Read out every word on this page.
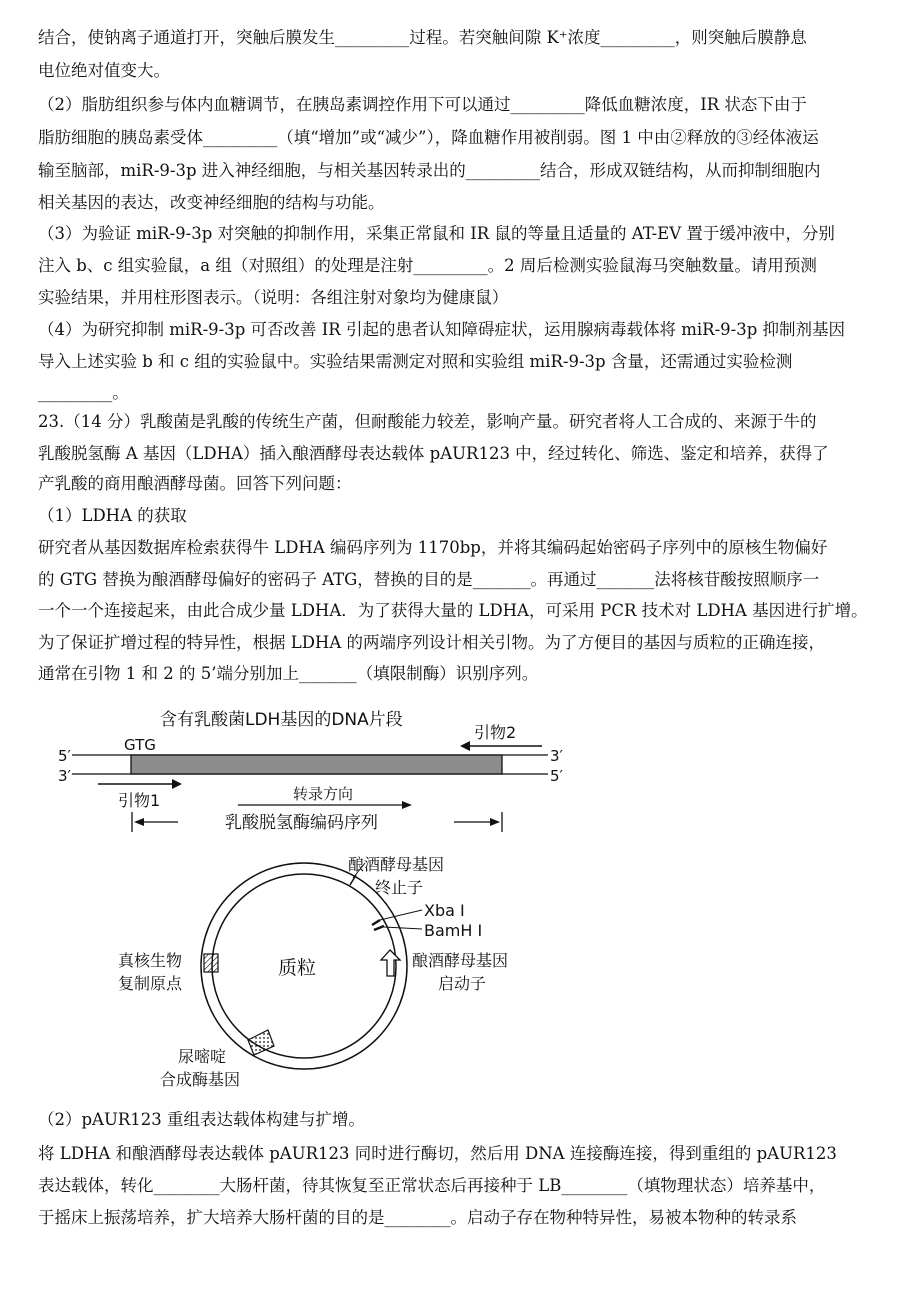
结合，使钠离子通道打开，突触后膜发生_________过程。若突触间隙 K⁺浓度_________，则突触后膜静息
电位绝对值变大。
（2）脂肪组织参与体内血糖调节，在胰岛素调控作用下可以通过_________降低血糖浓度，IR 状态下由于
脂肪细胞的胰岛素受体_________（填“增加”或“减少”），降血糖作用被削弱。图 1 中由②释放的③经体液运
输至脑部，miR-9-3p 进入神经细胞，与相关基因转录出的_________结合，形成双链结构，从而抑制细胞内
相关基因的表达，改变神经细胞的结构与功能。
（3）为验证 miR-9-3p 对突触的抑制作用，采集正常鼠和 IR 鼠的等量且适量的 AT-EV 置于缓冲液中，分别
注入 b、c 组实验鼠，a 组（对照组）的处理是注射_________。2 周后检测实验鼠海马突触数量。请用预测
实验结果，并用柱形图表示。（说明：各组注射对象均为健康鼠）
（4）为研究抑制 miR-9-3p 可否改善 IR 引起的患者认知障碍症状，运用腺病毒载体将 miR-9-3p 抑制剂基因
导入上述实验 b 和 c 组的实验鼠中。实验结果需测定对照和实验组 miR-9-3p 含量，还需通过实验检测
_________。
23.（14 分）乳酸菌是乳酸的传统生产菌，但耐酸能力较差，影响产量。研究者将人工合成的、来源于牛的
乳酸脱氢酶 A 基因（LDHA）插入酿酒酵母表达载体 pAUR123 中，经过转化、筛选、鉴定和培养，获得了
产乳酸的商用酿酒酵母菌。回答下列问题：
（1）LDHA 的获取
研究者从基因数据库检索获得牛 LDHA 编码序列为 1170bp，并将其编码起始密码子序列中的原核生物偏好
的 GTG 替换为酿酒酵母偏好的密码子 ATG，替换的目的是_______。再通过_______法将核苷酸按照顺序一
一个一个连接起来，由此合成少量 LDHA．为了获得大量的 LDHA，可采用 PCR 技术对 LDHA 基因进行扩增。
为了保证扩增过程的特异性，根据 LDHA 的两端序列设计相关引物。为了方便目的基因与质粒的正确连接，
通常在引物 1 和 2 的 5’端分别加上_______（填限制酶）识别序列。
含有乳酸菌LDH基因的DNA片段
5′
3′
3′
5′
GTG
引物2
引物1	转录方向
乳酸脱氢酶编码序列
质粒
酿酒酵母基因 终止子
Xba I
BamH I
酿酒酵母基因 启动子
真核生物 复制原点
尿嘧啶 合成酶基因
（2）pAUR123 重组表达载体构建与扩增。
将 LDHA 和酿酒酵母表达载体 pAUR123 同时进行酶切，然后用 DNA 连接酶连接，得到重组的 pAUR123
表达载体，转化________大肠杆菌，待其恢复至正常状态后再接种于 LB________（填物理状态）培养基中，
于摇床上振荡培养，扩大培养大肠杆菌的目的是________。启动子存在物种特异性，易被本物种的转录系
